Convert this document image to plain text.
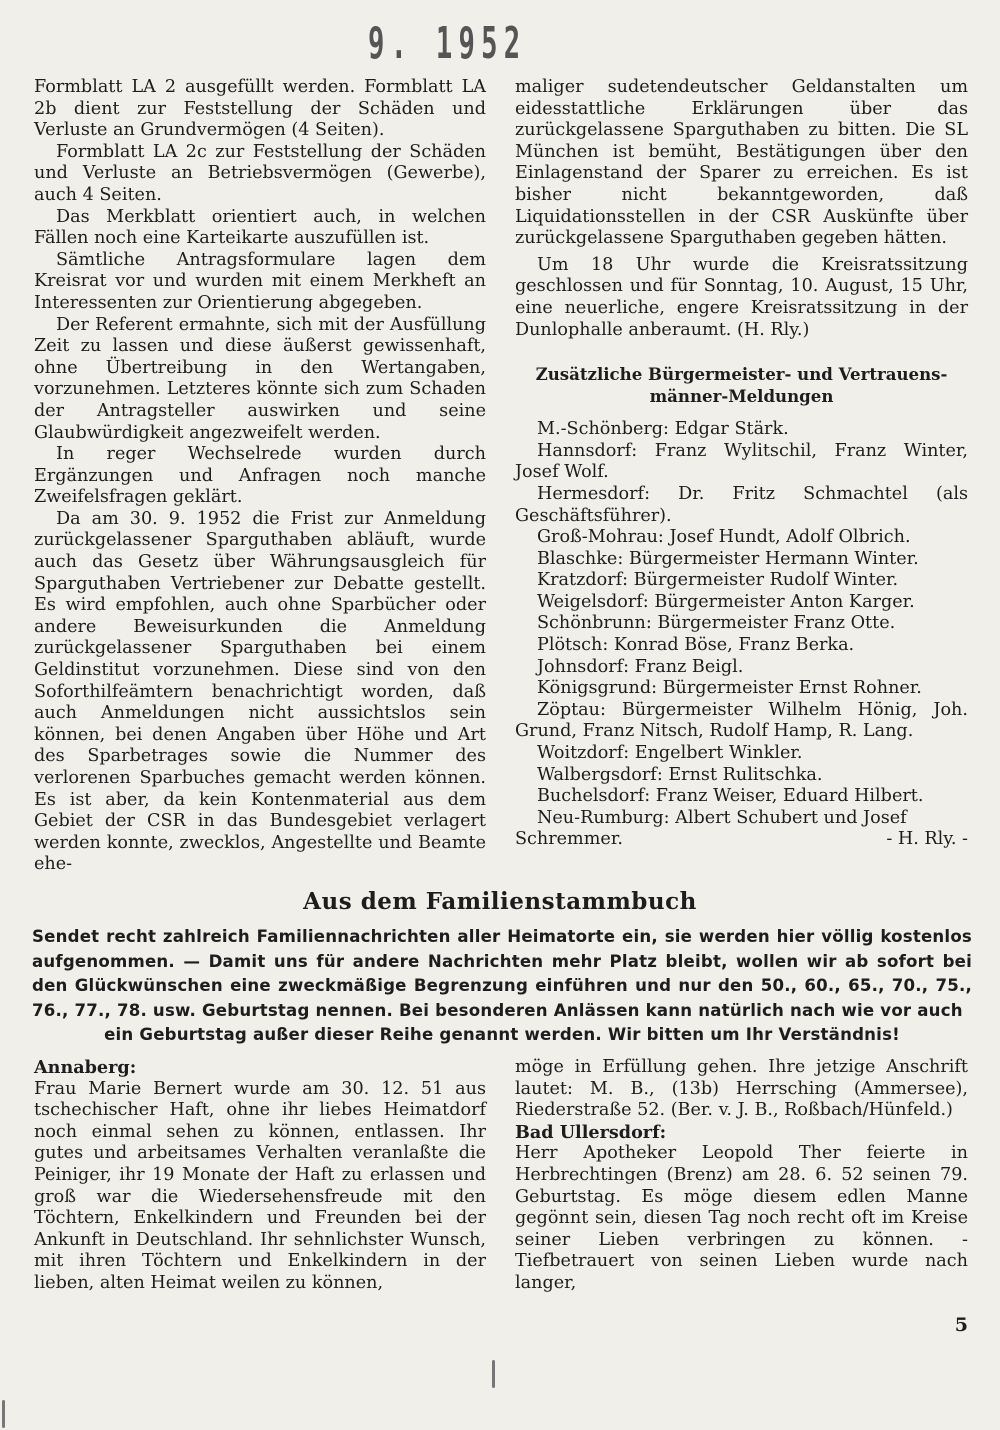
9. 1952

Formblatt LA 2 ausgefüllt werden. Formblatt LA 2b dient zur Feststellung der Schäden und Verluste an Grundvermögen (4 Seiten).

Formblatt LA 2c zur Feststellung der Schäden und Verluste an Betriebsvermögen (Gewerbe), auch 4 Seiten.

Das Merkblatt orientiert auch, in welchen Fällen noch eine Karteikarte auszufüllen ist.

Sämtliche Antragsformulare lagen dem Kreisrat vor und wurden mit einem Merkheft an Interessenten zur Orientierung abgegeben.

Der Referent ermahnte, sich mit der Ausfüllung Zeit zu lassen und diese äußerst gewissenhaft, ohne Übertreibung in den Wertangaben, vorzunehmen. Letzteres könnte sich zum Schaden der Antragsteller auswirken und seine Glaubwürdigkeit angezweifelt werden.

In reger Wechselrede wurden durch Ergänzungen und Anfragen noch manche Zweifelsfragen geklärt.

Da am 30. 9. 1952 die Frist zur Anmeldung zurückgelassener Sparguthaben abläuft, wurde auch das Gesetz über Währungsausgleich für Sparguthaben Vertriebener zur Debatte gestellt. Es wird empfohlen, auch ohne Sparbücher oder andere Beweisurkunden die Anmeldung zurückgelassener Sparguthaben bei einem Geldinstitut vorzunehmen. Diese sind von den Soforthilfeämtern benachrichtigt worden, daß auch Anmeldungen nicht aussichtslos sein können, bei denen Angaben über Höhe und Art des Sparbetrages sowie die Nummer des verlorenen Sparbuches gemacht werden können. Es ist aber, da kein Kontenmaterial aus dem Gebiet der CSR in das Bundesgebiet verlagert werden konnte, zwecklos, Angestellte und Beamte ehe-

maliger sudetendeutscher Geldanstalten um eidesstattliche Erklärungen über das zurückgelassene Sparguthaben zu bitten. Die SL München ist bemüht, Bestätigungen über den Einlagenstand der Sparer zu erreichen. Es ist bisher nicht bekanntgeworden, daß Liquidationsstellen in der CSR Auskünfte über zurückgelassene Sparguthaben gegeben hätten.

Um 18 Uhr wurde die Kreisratssitzung geschlossen und für Sonntag, 10. August, 15 Uhr, eine neuerliche, engere Kreisratssitzung in der Dunlophalle anberaumt. (H. Rly.)

Zusätzliche Bürgermeister- und Vertrauens-
männer-Meldungen

M.-Schönberg: Edgar Stärk.

Hannsdorf: Franz Wylitschil, Franz Winter, Josef Wolf.

Hermesdorf: Dr. Fritz Schmachtel (als Geschäftsführer).

Groß-Mohrau: Josef Hundt, Adolf Olbrich.

Blaschke: Bürgermeister Hermann Winter.

Kratzdorf: Bürgermeister Rudolf Winter.

Weigelsdorf: Bürgermeister Anton Karger.

Schönbrunn: Bürgermeister Franz Otte.

Plötsch: Konrad Böse, Franz Berka.

Johnsdorf: Franz Beigl.

Königsgrund: Bürgermeister Ernst Rohner.

Zöptau: Bürgermeister Wilhelm Hönig, Joh. Grund, Franz Nitsch, Rudolf Hamp, R. Lang.

Woitzdorf: Engelbert Winkler.

Walbergsdorf: Ernst Rulitschka.

Buchelsdorf: Franz Weiser, Eduard Hilbert.

Neu-Rumburg: Albert Schubert und Josef

Schremmer.	- H. Rly. -
Aus dem Familienstammbuch
Sendet recht zahlreich Familiennachrichten aller Heimatorte ein, sie werden hier völlig kostenlos aufgenommen. — Damit uns für andere Nachrichten mehr Platz bleibt, wollen wir ab sofort bei den Glückwünschen eine zweckmäßige Begrenzung einführen und nur den 50., 60., 65., 70., 75., 76., 77., 78. usw. Geburtstag nennen. Bei besonderen Anlässen kann natürlich nach wie vor auch
ein Geburtstag außer dieser Reihe genannt werden. Wir bitten um Ihr Verständnis!

Annaberg:

Frau Marie Bernert wurde am 30. 12. 51 aus tschechischer Haft, ohne ihr liebes Heimatdorf noch einmal sehen zu können, entlassen. Ihr gutes und arbeitsames Verhalten veranlaßte die Peiniger, ihr 19 Monate der Haft zu erlassen und groß war die Wiedersehensfreude mit den Töchtern, Enkelkindern und Freunden bei der Ankunft in Deutschland. Ihr sehnlichster Wunsch, mit ihren Töchtern und Enkelkindern in der lieben, alten Heimat weilen zu können,

möge in Erfüllung gehen. Ihre jetzige Anschrift lautet: M. B., (13b) Herrsching (Ammersee), Riederstraße 52. (Ber. v. J. B., Roßbach/Hünfeld.)

Bad Ullersdorf:

Herr Apotheker Leopold Ther feierte in Herbrechtingen (Brenz) am 28. 6. 52 seinen 79. Geburtstag. Es möge diesem edlen Manne gegönnt sein, diesen Tag noch recht oft im Kreise seiner Lieben verbringen zu können. - Tiefbetrauert von seinen Lieben wurde nach langer,

5
